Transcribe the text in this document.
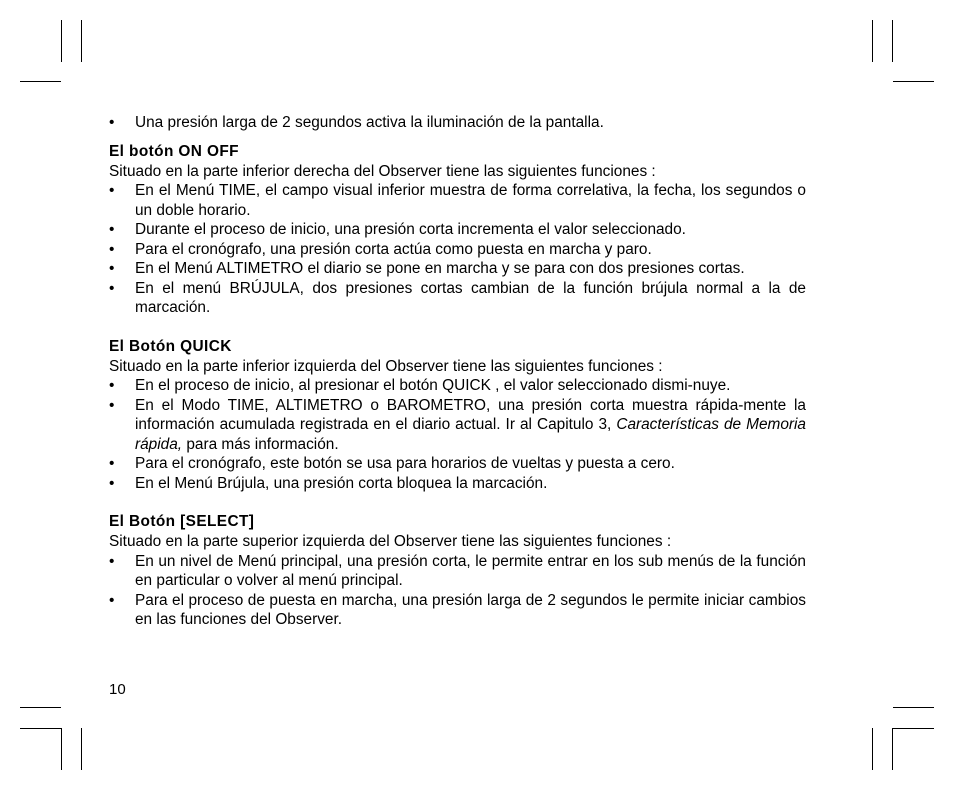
• Una presión larga de 2 segundos activa la iluminación de la pantalla.
El botón ON OFF

Situado en la parte inferior derecha del Observer tiene las siguientes funciones :

• En el Menú TIME, el campo visual inferior muestra de forma correlativa, la fecha, los segundos o un doble horario.
• Durante el proceso de inicio, una presión corta incrementa el valor seleccionado.
• Para el cronógrafo, una presión corta actúa como puesta en marcha y paro.
• En el Menú ALTIMETRO el diario se pone en marcha y se para con dos presiones cortas.
• En el menú BRÚJULA, dos presiones cortas cambian de la función brújula normal a la de marcación.
El Botón QUICK

Situado en la parte inferior izquierda del Observer tiene las siguientes funciones :

• En el proceso de inicio, al presionar el botón QUICK , el valor seleccionado dismi-nuye.
• En el Modo TIME, ALTIMETRO o BAROMETRO, una presión corta muestra rápida-mente la información acumulada registrada en el diario actual. Ir al Capitulo 3, Características de Memoria rápida, para más información.
• Para el cronógrafo, este botón se usa para horarios de vueltas y puesta a cero.
• En el Menú Brújula, una presión corta bloquea la marcación.
El Botón [SELECT]

Situado en la parte superior izquierda del Observer tiene las siguientes funciones :

• En un nivel de Menú principal, una presión corta, le permite entrar en los sub menús de la función en particular o volver al menú principal.
• Para el proceso de puesta en marcha, una presión larga de 2 segundos le permite iniciar cambios en las funciones del Observer.
10
